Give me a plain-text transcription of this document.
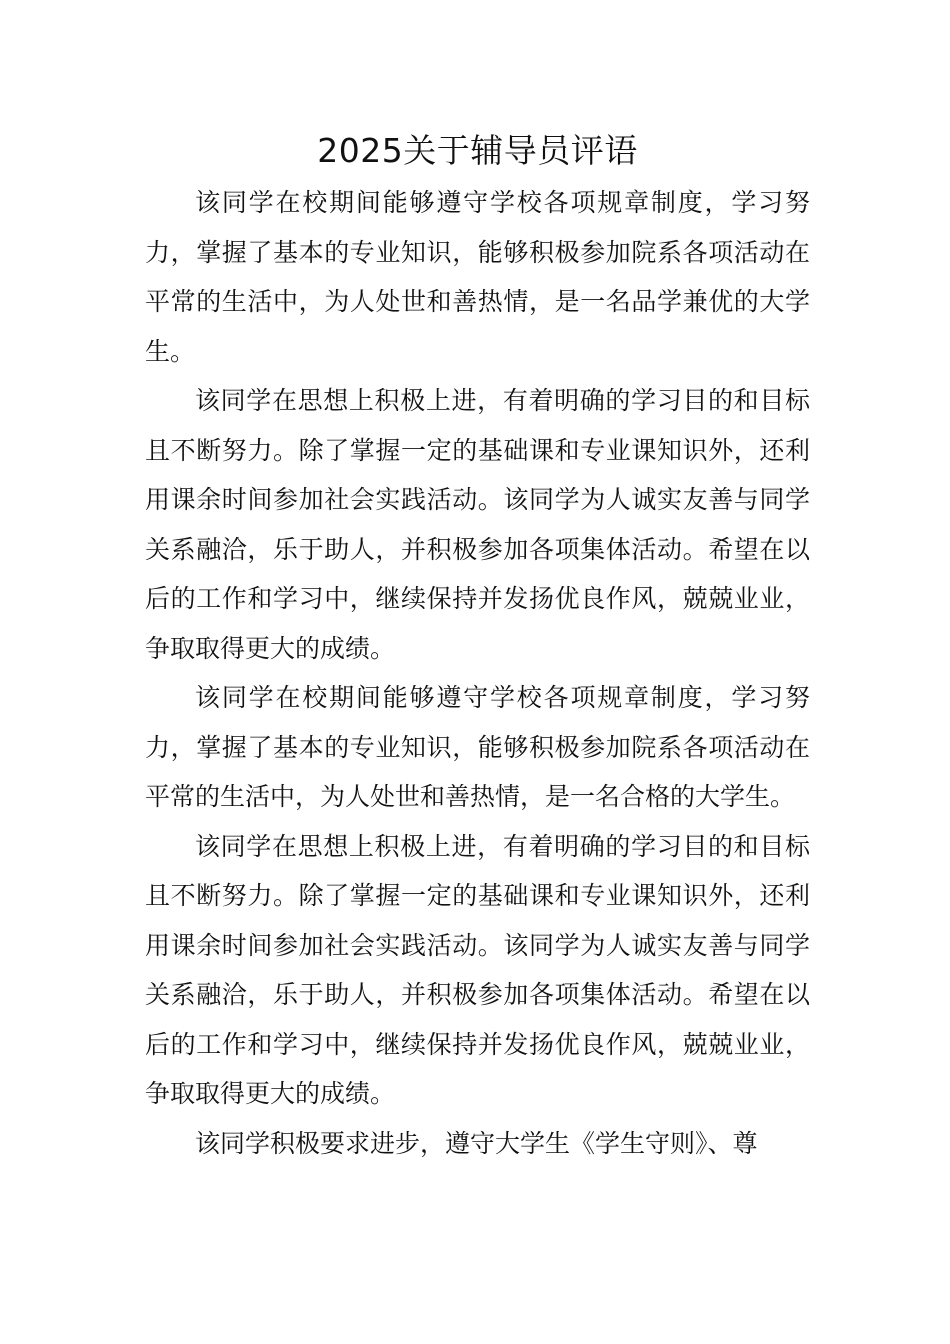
2025关于辅导员评语

该同学在校期间能够遵守学校各项规章制度，学习努力，掌握了基本的专业知识，能够积极参加院系各项活动在平常的生活中，为人处世和善热情，是一名品学兼优的大学生。

该同学在思想上积极上进，有着明确的学习目的和目标且不断努力。除了掌握一定的基础课和专业课知识外，还利用课余时间参加社会实践活动。该同学为人诚实友善与同学关系融洽，乐于助人，并积极参加各项集体活动。希望在以后的工作和学习中，继续保持并发扬优良作风，兢兢业业，争取取得更大的成绩。

该同学在校期间能够遵守学校各项规章制度，学习努力，掌握了基本的专业知识，能够积极参加院系各项活动在平常的生活中，为人处世和善热情，是一名合格的大学生。

该同学在思想上积极上进，有着明确的学习目的和目标且不断努力。除了掌握一定的基础课和专业课知识外，还利用课余时间参加社会实践活动。该同学为人诚实友善与同学关系融洽，乐于助人，并积极参加各项集体活动。希望在以后的工作和学习中，继续保持并发扬优良作风，兢兢业业，争取取得更大的成绩。

该同学积极要求进步，遵守大学生《学生守则》、尊
